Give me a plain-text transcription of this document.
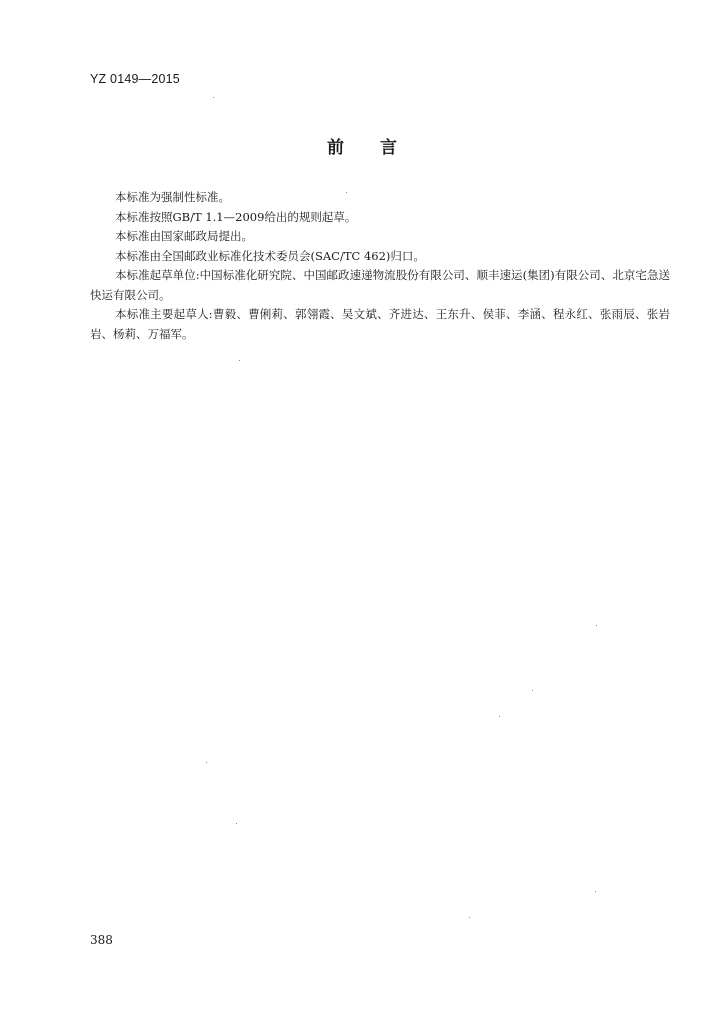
YZ 0149—2015
前 言

本标准为强制性标准。

本标准按照GB/T 1.1—2009给出的规则起草。

本标准由国家邮政局提出。

本标准由全国邮政业标准化技术委员会(SAC/TC 462)归口。

本标准起草单位:中国标准化研究院、中国邮政速递物流股份有限公司、顺丰速运(集团)有限公司、北京宅急送快运有限公司。

本标准主要起草人:曹毅、曹俐莉、郭翎霞、吴文斌、齐进达、王东升、侯菲、李涵、程永红、张雨辰、张岩岩、杨莉、万福军。

388
